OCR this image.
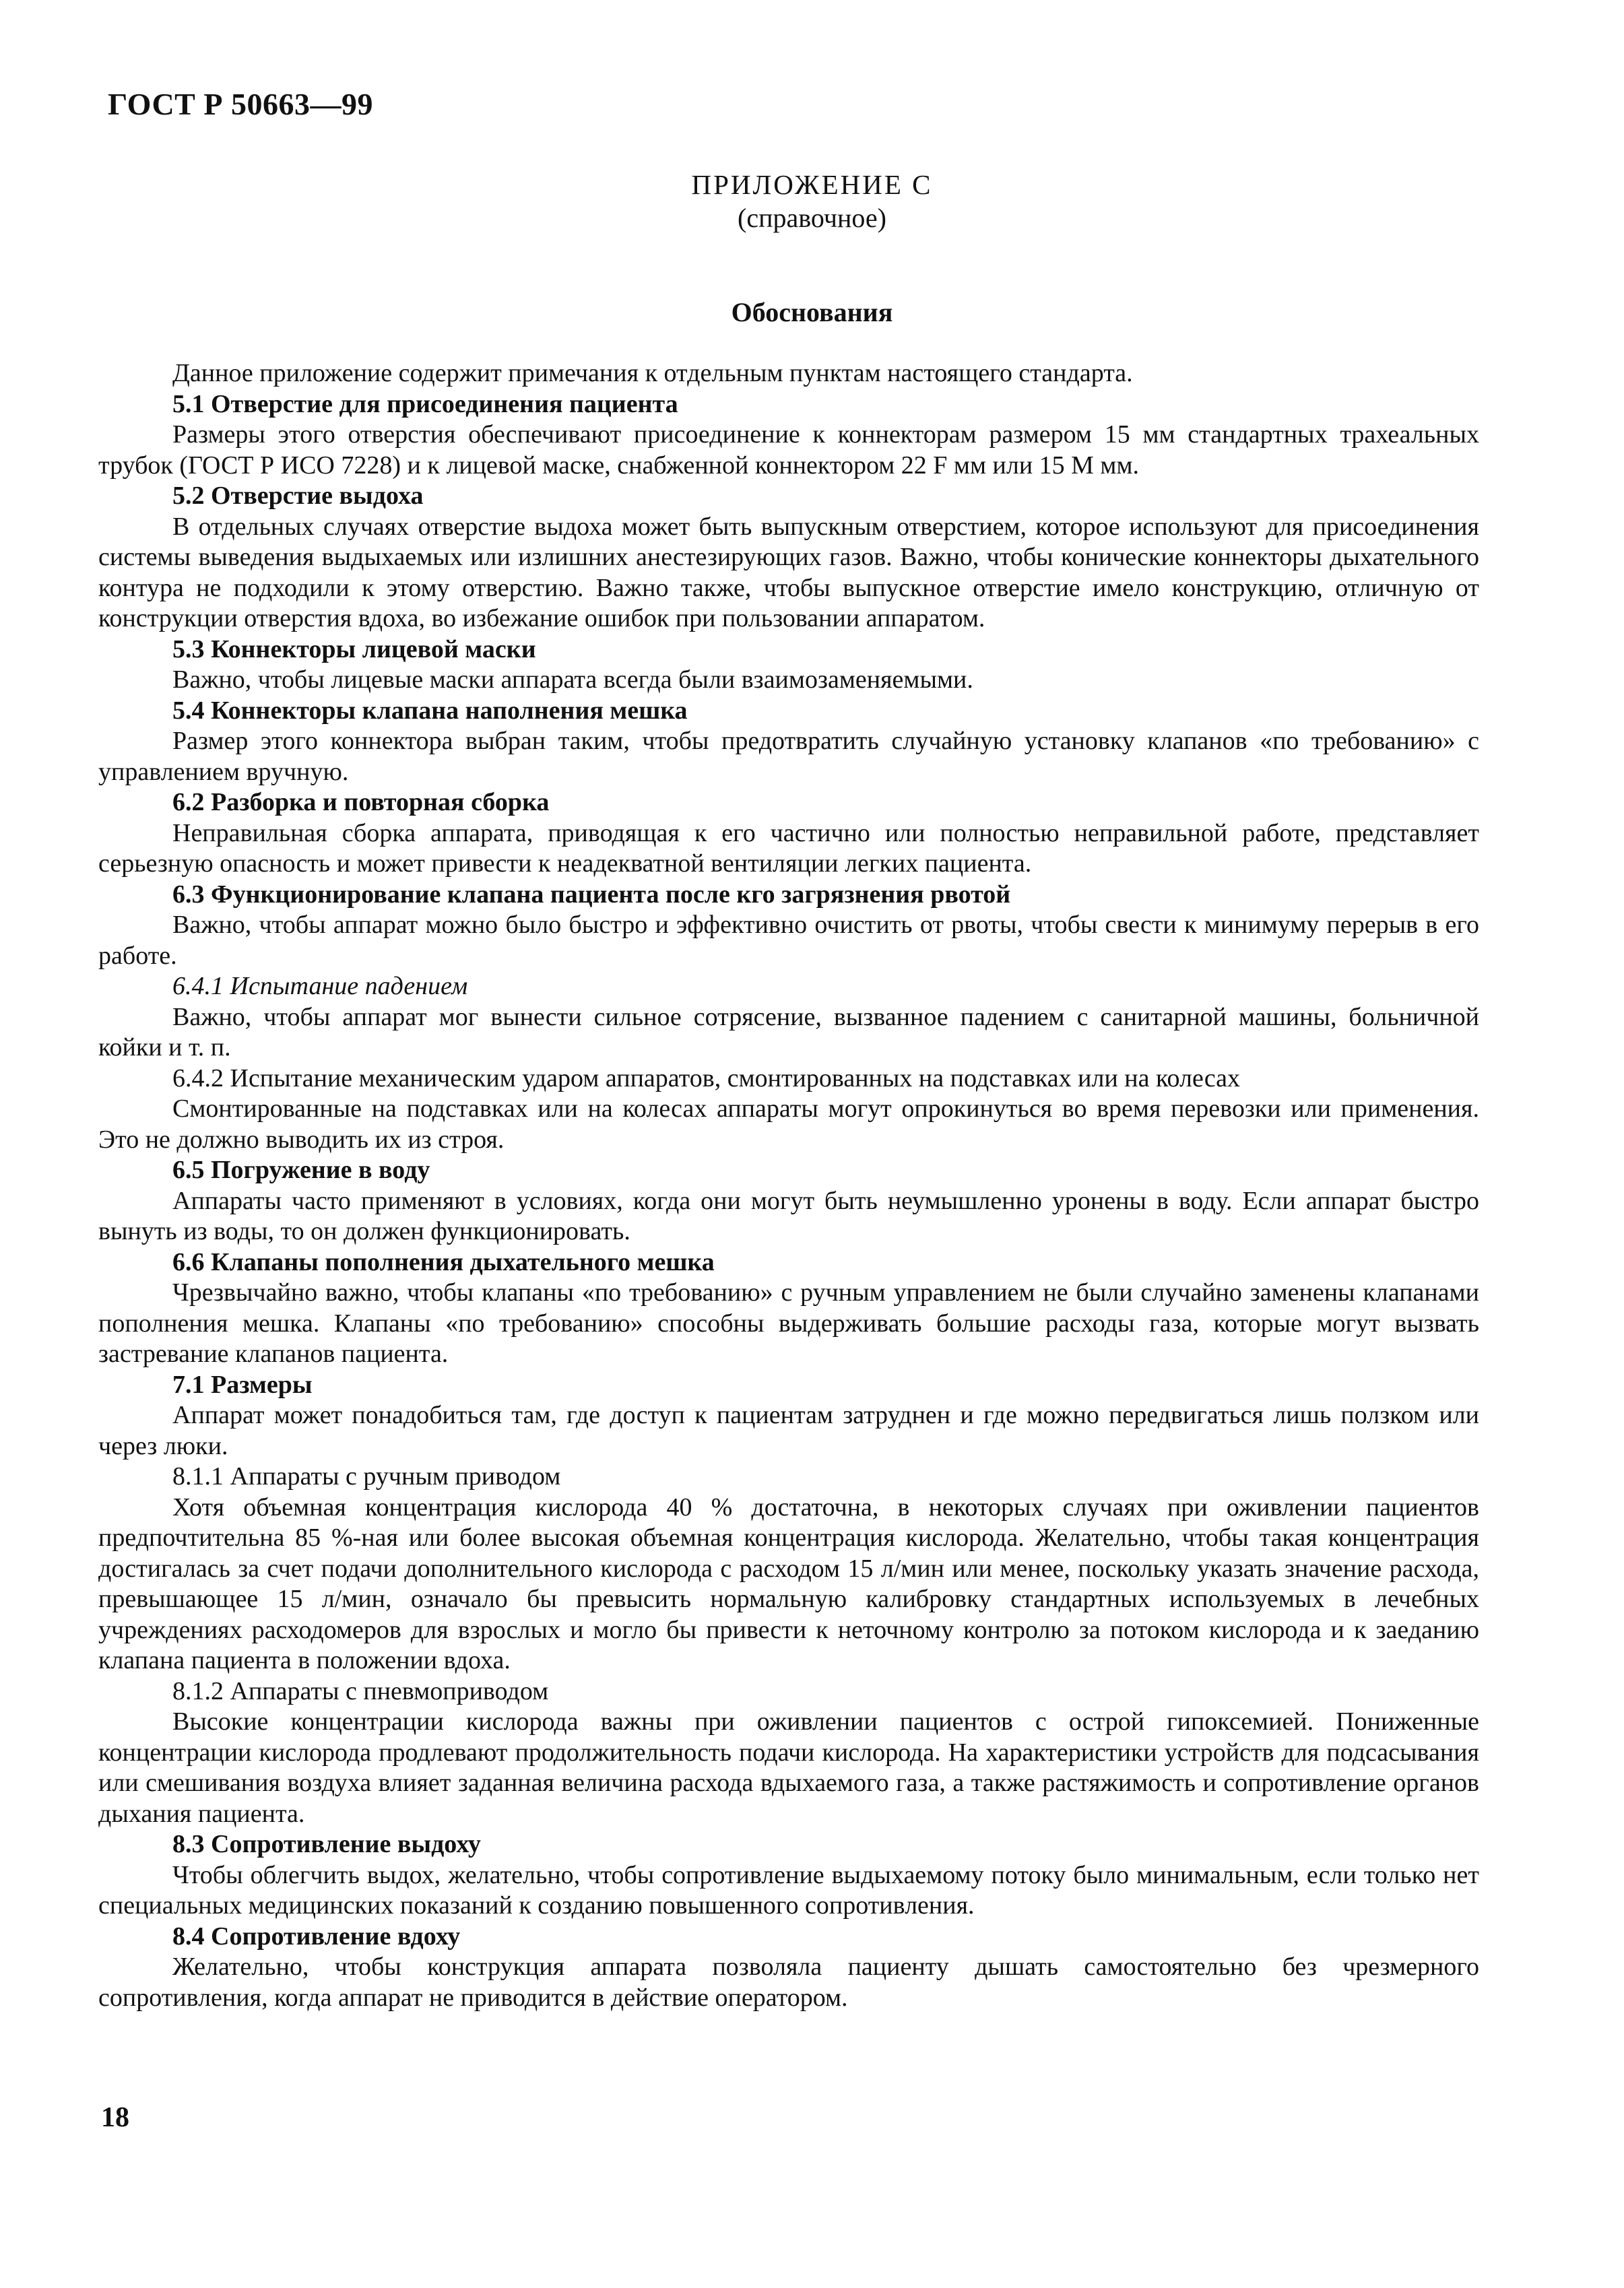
ГОСТ Р 50663—99
ПРИЛОЖЕНИЕ С
(справочное)
Обоснования

Данное приложение содержит примечания к отдельным пунктам настоящего стандарта.

5.1 Отверстие для присоединения пациента

Размеры этого отверстия обеспечивают присоединение к коннекторам размером 15 мм стандартных трахеальных трубок (ГОСТ Р ИСО 7228) и к лицевой маске, снабженной коннектором 22 F мм или 15 М мм.

5.2 Отверстие выдоха

В отдельных случаях отверстие выдоха может быть выпускным отверстием, которое используют для присоединения системы выведения выдыхаемых или излишних анестезирующих газов. Важно, чтобы конические коннекторы дыхательного контура не подходили к этому отверстию. Важно также, чтобы выпускное отверстие имело конструкцию, отличную от конструкции отверстия вдоха, во избежание ошибок при пользовании аппаратом.

5.3 Коннекторы лицевой маски

Важно, чтобы лицевые маски аппарата всегда были взаимозаменяемыми.

5.4 Коннекторы клапана наполнения мешка

Размер этого коннектора выбран таким, чтобы предотвратить случайную установку клапанов «по требованию» с управлением вручную.

6.2 Разборка и повторная сборка

Неправильная сборка аппарата, приводящая к его частично или полностью неправильной работе, представляет серьезную опасность и может привести к неадекватной вентиляции легких пациента.

6.3 Функционирование клапана пациента после кго загрязнения рвотой

Важно, чтобы аппарат можно было быстро и эффективно очистить от рвоты, чтобы свести к минимуму перерыв в его работе.

6.4.1 Испытание падением

Важно, чтобы аппарат мог вынести сильное сотрясение, вызванное падением с санитарной машины, больничной койки и т. п.

6.4.2 Испытание механическим ударом аппаратов, смонтированных на подставках или на колесах

Смонтированные на подставках или на колесах аппараты могут опрокинуться во время перевозки или применения. Это не должно выводить их из строя.

6.5 Погружение в воду

Аппараты часто применяют в условиях, когда они могут быть неумышленно уронены в воду. Если аппарат быстро вынуть из воды, то он должен функционировать.

6.6 Клапаны пополнения дыхательного мешка

Чрезвычайно важно, чтобы клапаны «по требованию» с ручным управлением не были случайно заменены клапанами пополнения мешка. Клапаны «по требованию» способны выдерживать большие расходы газа, которые могут вызвать застревание клапанов пациента.

7.1 Размеры

Аппарат может понадобиться там, где доступ к пациентам затруднен и где можно передвигаться лишь ползком или через люки.

8.1.1 Аппараты с ручным приводом

Хотя объемная концентрация кислорода 40 % достаточна, в некоторых случаях при оживлении пациентов предпочтительна 85 %-ная или более высокая объемная концентрация кислорода. Желательно, чтобы такая концентрация достигалась за счет подачи дополнительного кислорода с расходом 15 л/мин или менее, поскольку указать значение расхода, превышающее 15 л/мин, означало бы превысить нормальную калибровку стандартных используемых в лечебных учреждениях расходомеров для взрослых и могло бы привести к неточному контролю за потоком кислорода и к заеданию клапана пациента в положении вдоха.

8.1.2 Аппараты с пневмоприводом

Высокие концентрации кислорода важны при оживлении пациентов с острой гипоксемией. Пониженные концентрации кислорода продлевают продолжительность подачи кислорода. На характеристики устройств для подсасывания или смешивания воздуха влияет заданная величина расхода вдыхаемого газа, а также растяжимость и сопротивление органов дыхания пациента.

8.3 Сопротивление выдоху

Чтобы облегчить выдох, желательно, чтобы сопротивление выдыхаемому потоку было минимальным, если только нет специальных медицинских показаний к созданию повышенного сопротивления.

8.4 Сопротивление вдоху

Желательно, чтобы конструкция аппарата позволяла пациенту дышать самостоятельно без чрезмерного сопротивления, когда аппарат не приводится в действие оператором.

18
